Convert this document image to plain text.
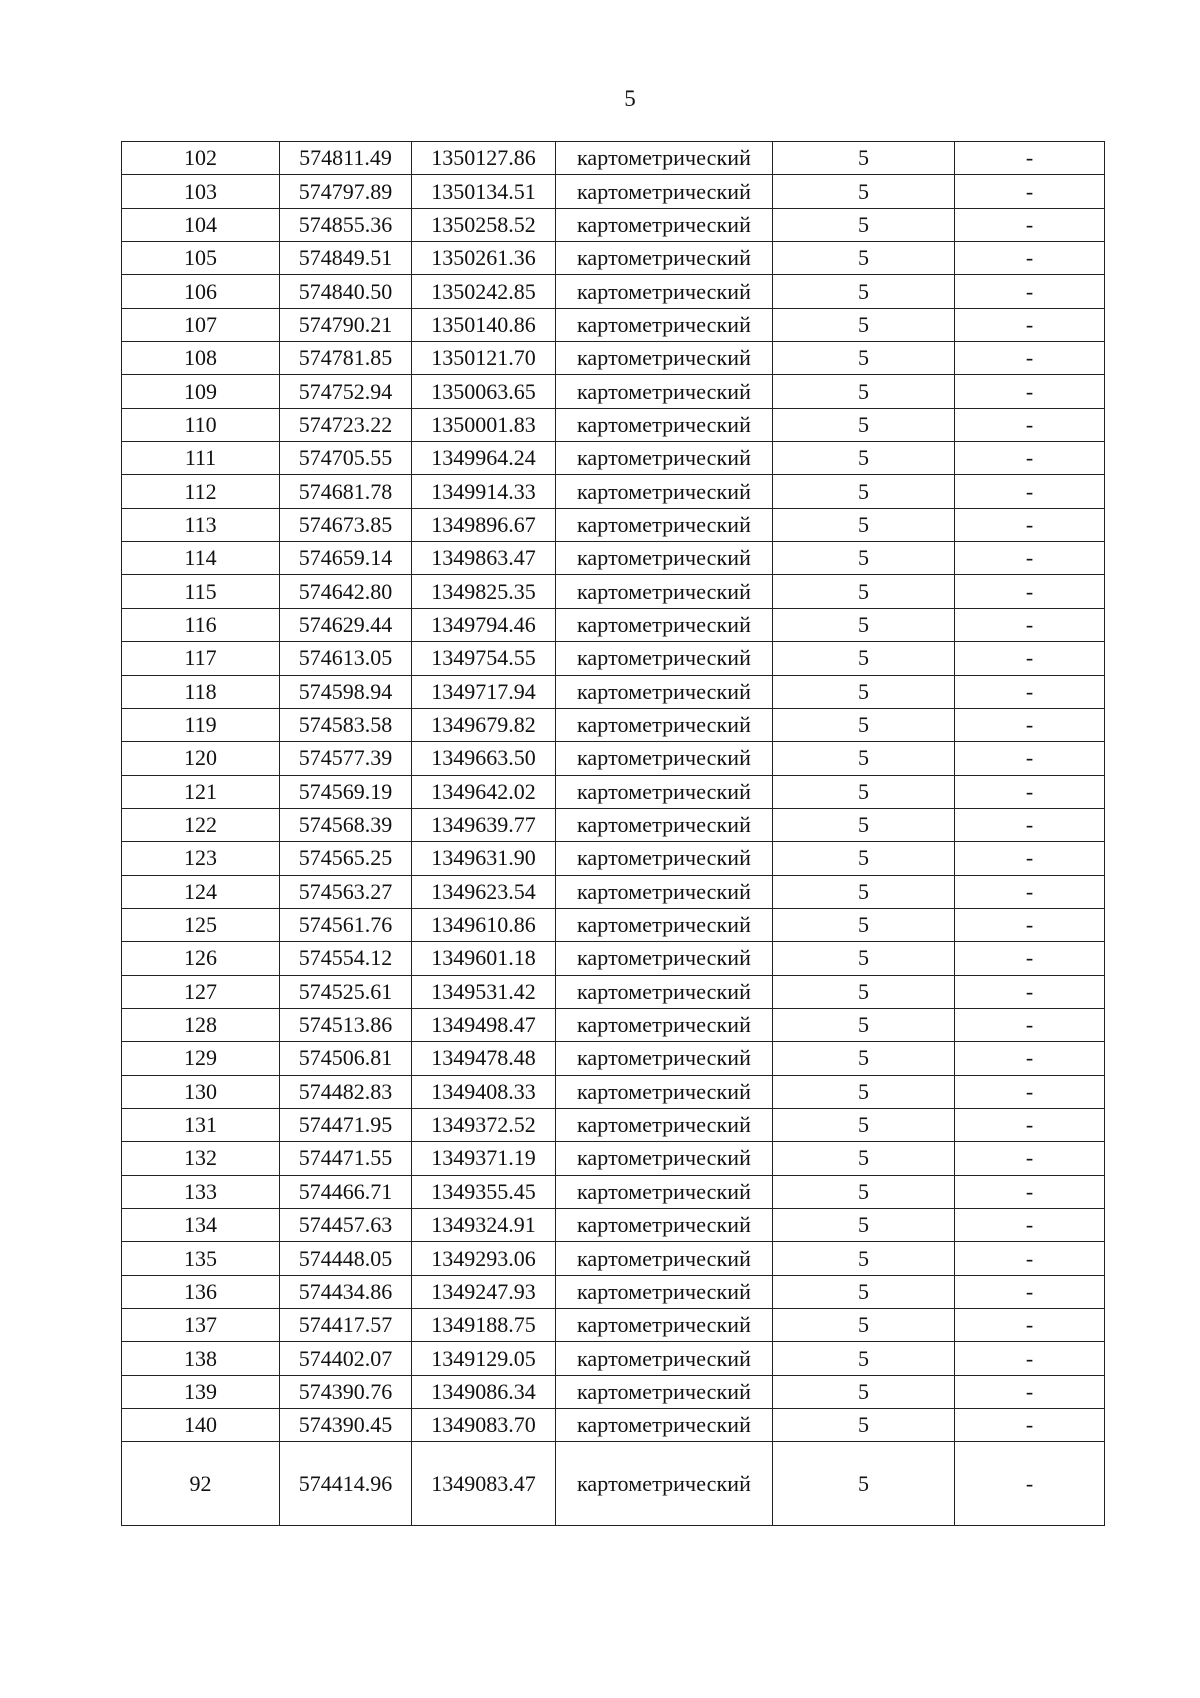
5
102	574811.49	1350127.86	картометрический	5	-
103	574797.89	1350134.51	картометрический	5	-
104	574855.36	1350258.52	картометрический	5	-
105	574849.51	1350261.36	картометрический	5	-
106	574840.50	1350242.85	картометрический	5	-
107	574790.21	1350140.86	картометрический	5	-
108	574781.85	1350121.70	картометрический	5	-
109	574752.94	1350063.65	картометрический	5	-
110	574723.22	1350001.83	картометрический	5	-
111	574705.55	1349964.24	картометрический	5	-
112	574681.78	1349914.33	картометрический	5	-
113	574673.85	1349896.67	картометрический	5	-
114	574659.14	1349863.47	картометрический	5	-
115	574642.80	1349825.35	картометрический	5	-
116	574629.44	1349794.46	картометрический	5	-
117	574613.05	1349754.55	картометрический	5	-
118	574598.94	1349717.94	картометрический	5	-
119	574583.58	1349679.82	картометрический	5	-
120	574577.39	1349663.50	картометрический	5	-
121	574569.19	1349642.02	картометрический	5	-
122	574568.39	1349639.77	картометрический	5	-
123	574565.25	1349631.90	картометрический	5	-
124	574563.27	1349623.54	картометрический	5	-
125	574561.76	1349610.86	картометрический	5	-
126	574554.12	1349601.18	картометрический	5	-
127	574525.61	1349531.42	картометрический	5	-
128	574513.86	1349498.47	картометрический	5	-
129	574506.81	1349478.48	картометрический	5	-
130	574482.83	1349408.33	картометрический	5	-
131	574471.95	1349372.52	картометрический	5	-
132	574471.55	1349371.19	картометрический	5	-
133	574466.71	1349355.45	картометрический	5	-
134	574457.63	1349324.91	картометрический	5	-
135	574448.05	1349293.06	картометрический	5	-
136	574434.86	1349247.93	картометрический	5	-
137	574417.57	1349188.75	картометрический	5	-
138	574402.07	1349129.05	картометрический	5	-
139	574390.76	1349086.34	картометрический	5	-
140	574390.45	1349083.70	картометрический	5	-
92	574414.96	1349083.47	картометрический	5	-
